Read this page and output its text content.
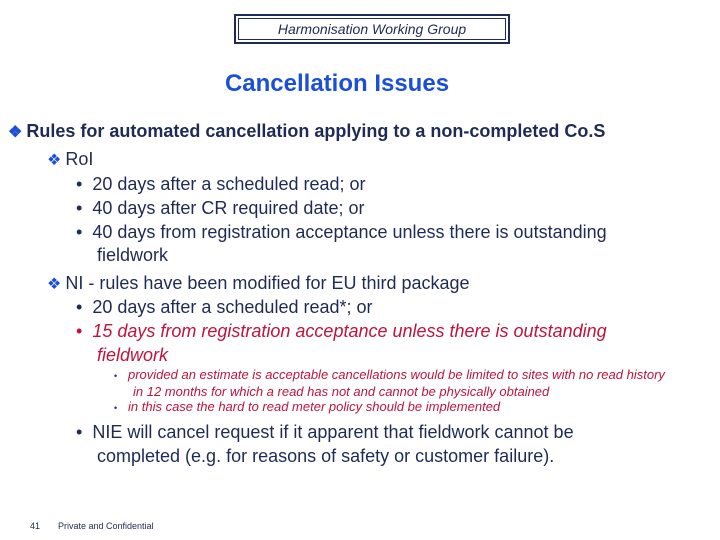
Harmonisation Working Group
Cancellation Issues
❖ Rules for automated cancellation applying to a non-completed Co.S
❖ RoI
• 20 days after a scheduled read; or
• 40 days after CR required date; or
• 40 days from registration acceptance unless there is outstanding
fieldwork
❖ NI - rules have been modified for EU third package
• 20 days after a scheduled read*; or
• 15 days from registration acceptance unless there is outstanding
fieldwork
• provided an estimate is acceptable cancellations would be limited to sites with no read history
in 12 months for which a read has not and cannot be physically obtained
• in this case the hard to read meter policy should be implemented
• NIE will cancel request if it apparent that fieldwork cannot be
completed (e.g. for reasons of safety or customer failure).
41 Private and Confidential
